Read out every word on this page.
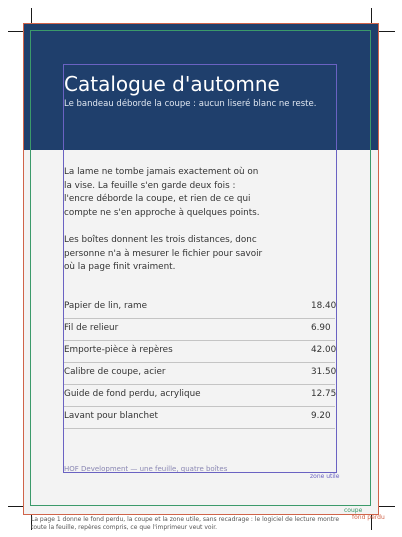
Catalogue d'automne
Le bandeau déborde la coupe : aucun liseré blanc ne reste.
La lame ne tombe jamais exactement où on
la vise. La feuille s'en garde deux fois :
l'encre déborde la coupe, et rien de ce qui
compte ne s'en approche à quelques points.
Les boîtes donnent les trois distances, donc
personne n'a à mesurer le fichier pour savoir
où la page finit vraiment.
Papier de lin, rame	18.40
Fil de relieur	6.90
Emporte-pièce à repères	42.00
Calibre de coupe, acier	31.50
Guide de fond perdu, acrylique	12.75
Lavant pour blanchet	9.20
HOF Development — une feuille, quatre boîtes
zone utile
coupe
fond perdu
La page 1 donne le fond perdu, la coupe et la zone utile, sans recadrage : le logiciel de lecture montre toute la feuille, repères compris, ce que l'imprimeur veut voir.
